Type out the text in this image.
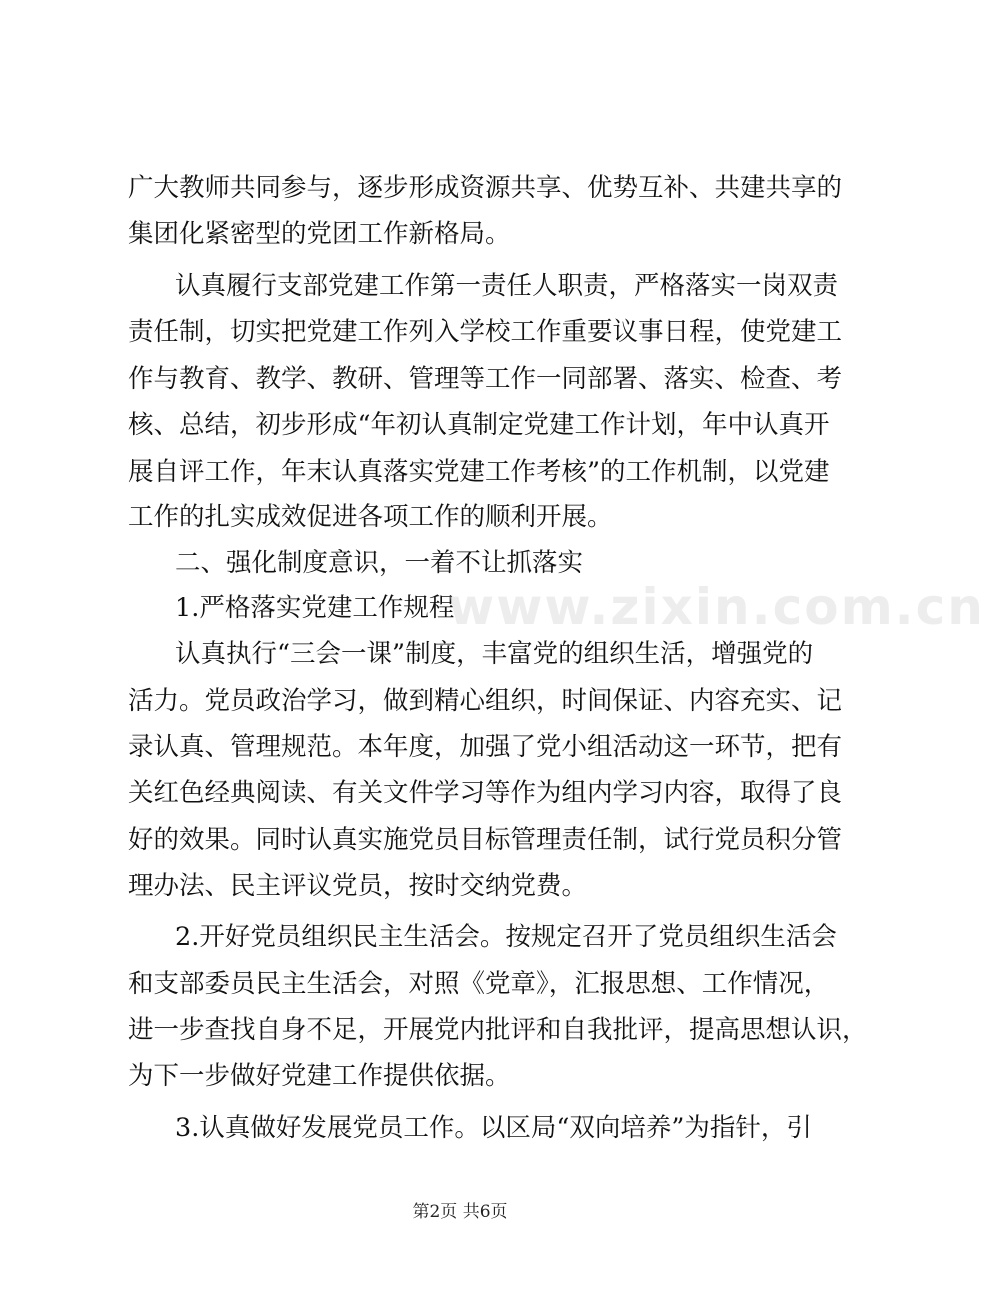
广大教师共同参与，逐步形成资源共享、优势互补、共建共享的
集团化紧密型的党团工作新格局。
认真履行支部党建工作第一责任人职责，严格落实一岗双责
责任制，切实把党建工作列入学校工作重要议事日程，使党建工
作与教育、教学、教研、管理等工作一同部署、落实、检查、考
核、总结，初步形成“年初认真制定党建工作计划，年中认真开
展自评工作，年末认真落实党建工作考核”的工作机制，以党建
工作的扎实成效促进各项工作的顺利开展。
二、强化制度意识，一着不让抓落实
1.严格落实党建工作规程
认真执行“三会一课”制度，丰富党的组织生活，增强党的
活力。党员政治学习，做到精心组织，时间保证、内容充实、记
录认真、管理规范。本年度，加强了党小组活动这一环节，把有
关红色经典阅读、有关文件学习等作为组内学习内容，取得了良
好的效果。同时认真实施党员目标管理责任制，试行党员积分管
理办法、民主评议党员，按时交纳党费。
2.开好党员组织民主生活会。按规定召开了党员组织生活会
和支部委员民主生活会，对照《党章》，汇报思想、工作情况，
进一步查找自身不足，开展党内批评和自我批评，提高思想认识，
为下一步做好党建工作提供依据。
3.认真做好发展党员工作。以区局“双向培养”为指针，引
www.zixin.com.cn
第2页 共6页
